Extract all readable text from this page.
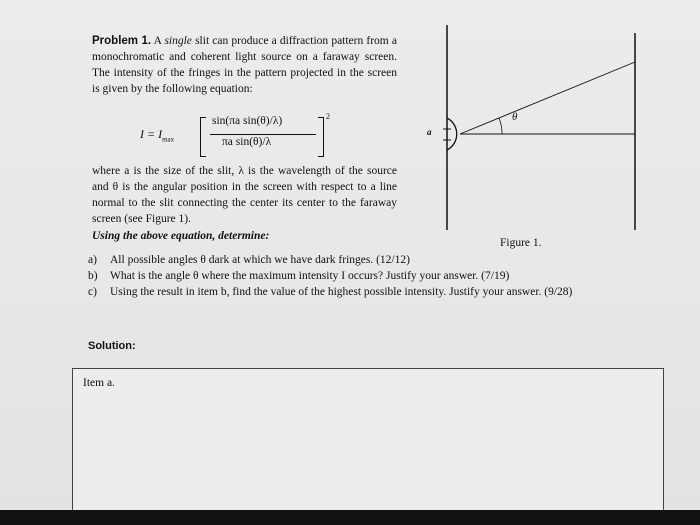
Problem 1. A single slit can produce a diffraction pattern from a monochromatic and coherent light source on a faraway screen. The intensity of the fringes in the pattern projected in the screen is given by the following equation:
$I = I_{max}$
sin(πa sin(θ)/λ)
πa sin(θ)/λ
2
where a is the size of the slit, λ is the wavelength of the source and θ is the angular position in the screen with respect to a line normal to the slit connecting the center its center to the faraway screen (see Figure 1).
Using the above equation, determine:
θ
a
Figure 1.
a)	All possible angles θ dark at which we have dark fringes. (12/12)
b)	What is the angle θ where the maximum intensity I occurs? Justify your answer. (7/19)
c)	Using the result in item b, find the value of the highest possible intensity. Justify your answer. (9/28)
Solution:
Item a.
